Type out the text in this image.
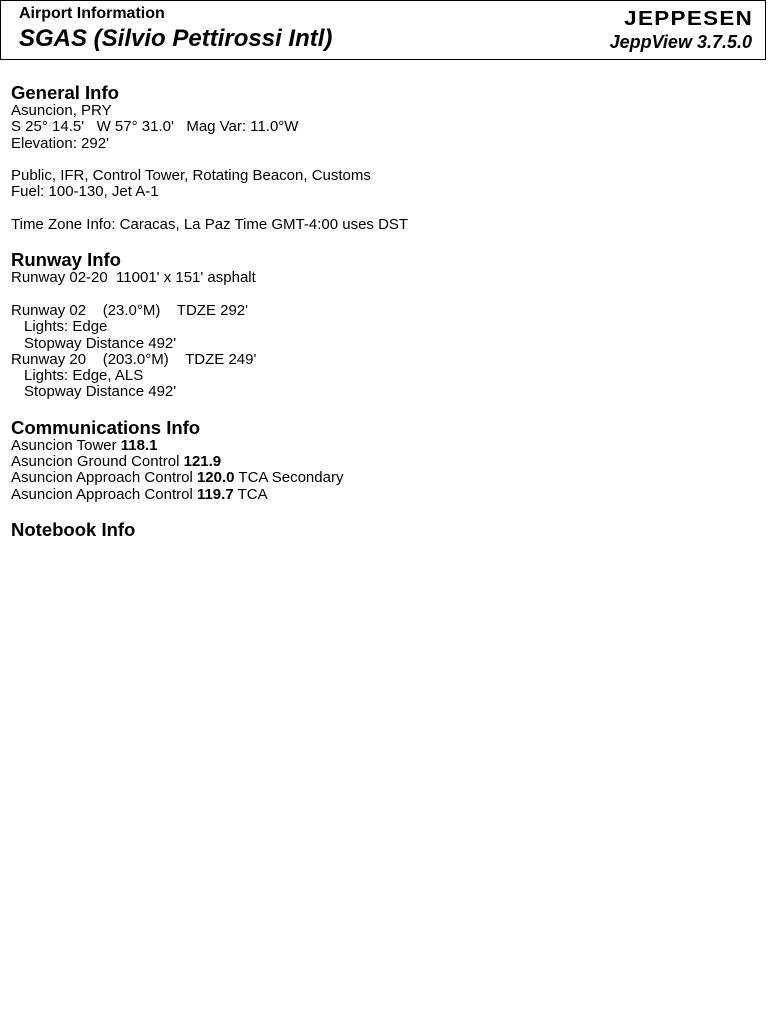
Airport Information
SGAS (Silvio Pettirossi Intl)
JEPPESEN
JeppView 3.7.5.0
General Info
Asuncion, PRY
S 25° 14.5'   W 57° 31.0'   Mag Var: 11.0°W
Elevation: 292'
Public, IFR, Control Tower, Rotating Beacon, Customs
Fuel: 100-130, Jet A-1
Time Zone Info: Caracas, La Paz Time GMT-4:00 uses DST
Runway Info
Runway 02-20  11001' x 151' asphalt
Runway 02    (23.0°M)    TDZE 292'
Lights: Edge
Stopway Distance 492'
Runway 20    (203.0°M)    TDZE 249'
Lights: Edge, ALS
Stopway Distance 492'
Communications Info
Asuncion Tower 118.1
Asuncion Ground Control 121.9
Asuncion Approach Control 120.0 TCA Secondary
Asuncion Approach Control 119.7 TCA
Notebook Info
